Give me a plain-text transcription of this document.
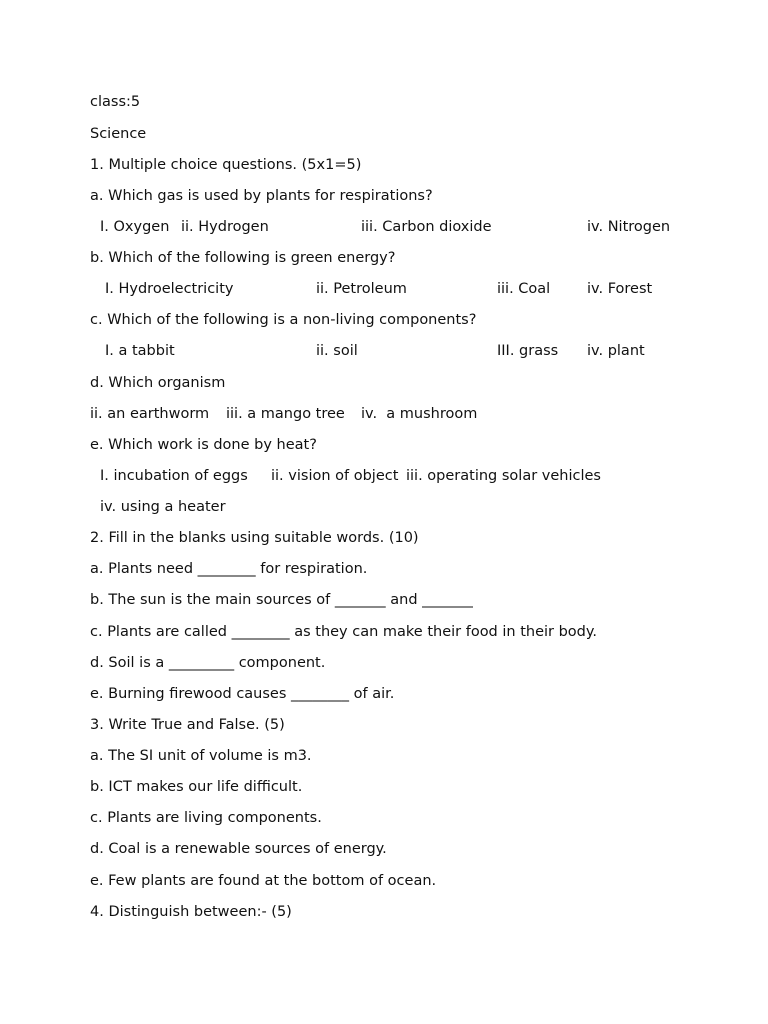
class:5
Science
1. Multiple choice questions. (5x1=5)
a. Which gas is used by plants for respirations?
I. Oxygen ii. Hydrogen	iii. Carbon dioxide	iv. Nitrogen
b. Which of the following is green energy?
I. Hydroelectricity	ii. Petroleum	iii. Coal	iv. Forest
c. Which of the following is a non-living components?
I. a tabbit	ii. soil	III. grass iv. plant
d. Which organism
ii. an earthworm iii. a mango tree iv.  a mushroom
e. Which work is done by heat?
I. incubation of eggs ii. vision of object iii. operating solar vehicles
iv. using a heater
2. Fill in the blanks using suitable words. (10)
a. Plants need ________ for respiration.
b. The sun is the main sources of _______ and _______
c. Plants are called ________ as they can make their food in their body.
d. Soil is a _________ component.
e. Burning firewood causes ________ of air.
3. Write True and False. (5)
a. The SI unit of volume is m3.
b. ICT makes our life difficult.
c. Plants are living components.
d. Coal is a renewable sources of energy.
e. Few plants are found at the bottom of ocean.
4. Distinguish between:- (5)
